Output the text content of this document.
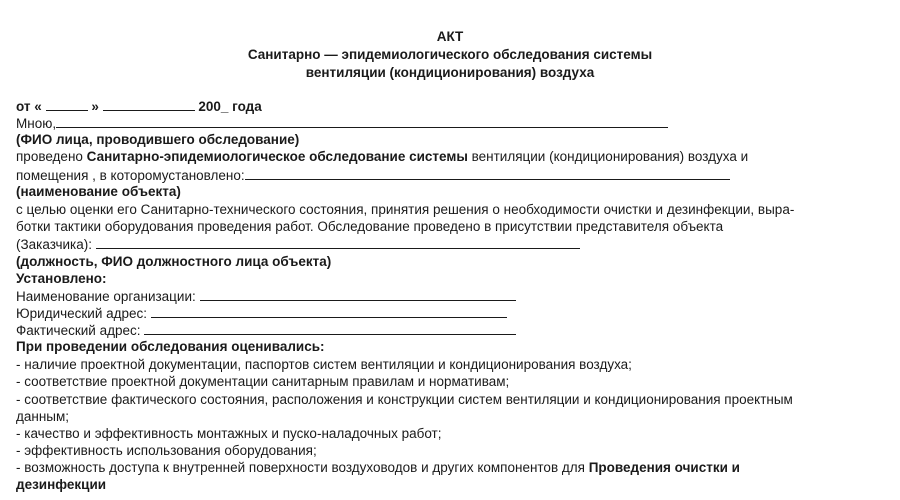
АКТ
Санитарно — эпидемиологического обследования системы
вентиляции (кондиционирования) воздуха
от «	»	200_ года
Мною,
(ФИО лица, проводившего обследование)
проведено Санитарно-эпидемиологическое обследование системы вентиляции (кондиционирования) воздуха и
помещения , в которомустановлено:
(наименование объекта)
с целью оценки его Санитарно-технического состояния, принятия решения о необходимости очистки и дезинфекции, выра-
ботки тактики оборудования проведения работ. Обследование проведено в присутствии представителя объекта
(Заказчика):
(должность, ФИО должностного лица объекта)
Установлено:
Наименование организации:
Юридический адрес:
Фактический адрес:
При проведении обследования оценивались:
- наличие проектной документации, паспортов систем вентиляции и кондиционирования воздуха;
- соответствие проектной документации санитарным правилам и нормативам;
- соответствие фактического состояния, расположения и конструкции систем вентиляции и кондиционирования проектным
данным;
- качество и эффективность монтажных и пуско-наладочных работ;
- эффективность использования оборудования;
- возможность доступа к внутренней поверхности воздуховодов и других компонентов для Проведения очистки и
дезинфекции
